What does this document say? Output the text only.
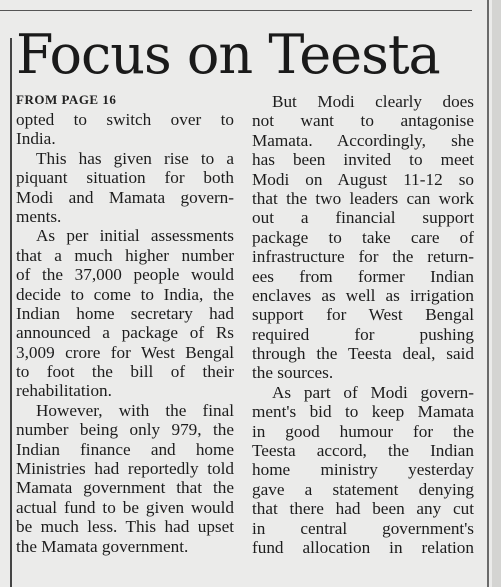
Focus on Teesta
FROM PAGE 16
opted to switch over to
India.
This has given rise to a
piquant situation for both
Modi and Mamata govern-
ments.
As per initial assessments
that a much higher number
of the 37,000 people would
decide to come to India, the
Indian home secretary had
announced a package of Rs
3,009 crore for West Bengal
to foot the bill of their
rehabilitation.
However, with the final
number being only 979, the
Indian finance and home
Ministries had reportedly told
Mamata government that the
actual fund to be given would
be much less. This had upset
the Mamata government.
But Modi clearly does
not want to antagonise
Mamata. Accordingly, she
has been invited to meet
Modi on August 11-12 so
that the two leaders can work
out a financial support
package to take care of
infrastructure for the return-
ees from former Indian
enclaves as well as irrigation
support for West Bengal
required for pushing
through the Teesta deal, said
the sources.
As part of Modi govern-
ment's bid to keep Mamata
in good humour for the
Teesta accord, the Indian
home ministry yesterday
gave a statement denying
that there had been any cut
in central government's
fund allocation in relation
